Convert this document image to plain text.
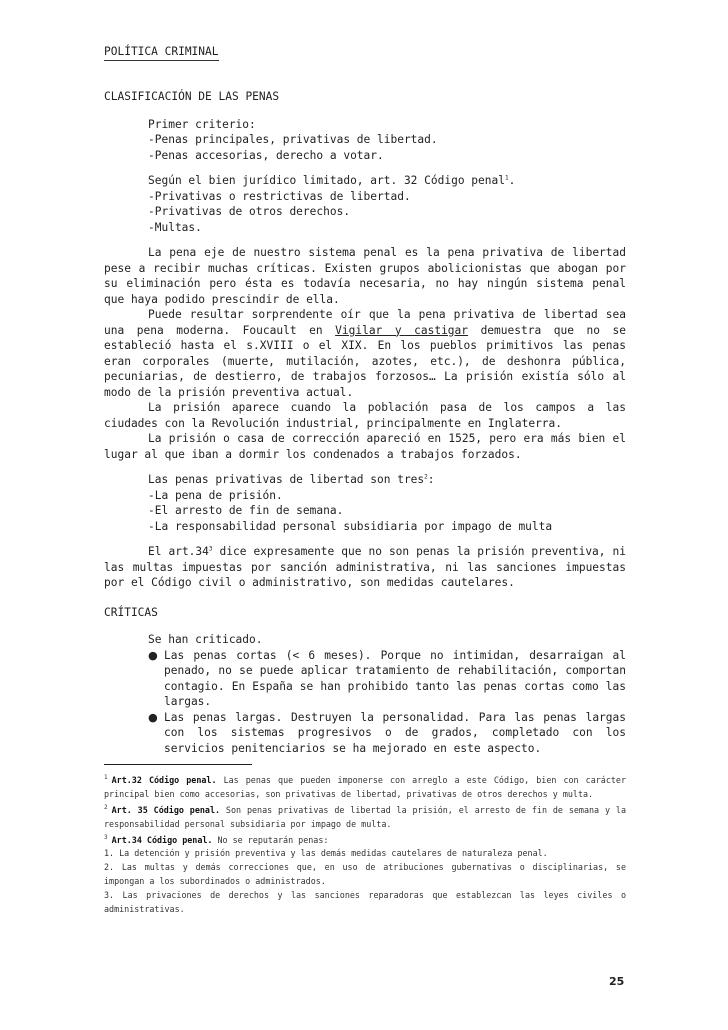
POLÍTICA CRIMINAL

CLASIFICACIÓN DE LAS PENAS

Primer criterio:

-Penas principales, privativas de libertad.

-Penas accesorias, derecho a votar.

Según el bien jurídico limitado, art. 32 Código penal$^1$.

-Privativas o restrictivas de libertad.

-Privativas de otros derechos.

-Multas.

La pena eje de nuestro sistema penal es la pena privativa de libertad pese a recibir muchas críticas. Existen grupos abolicionistas que abogan por su eliminación pero ésta es todavía necesaria, no hay ningún sistema penal que haya podido prescindir de ella.

Puede resultar sorprendente oír que la pena privativa de libertad sea una pena moderna. Foucault en Vigilar y castigar demuestra que no se estableció hasta el s.XVIII o el XIX. En los pueblos primitivos las penas eran corporales (muerte, mutilación, azotes, etc.), de deshonra pública, pecuniarias, de destierro, de trabajos forzosos… La prisión existía sólo al modo de la prisión preventiva actual.

La prisión aparece cuando la población pasa de los campos a las ciudades con la Revolución industrial, principalmente en Inglaterra.

La prisión o casa de corrección apareció en 1525, pero era más bien el lugar al que iban a dormir los condenados a trabajos forzados.

Las penas privativas de libertad son tres$^2$:

-La pena de prisión.

-El arresto de fin de semana.

-La responsabilidad personal subsidiaria por impago de multa

El $art.34^3$ dice expresamente que no son penas la prisión preventiva, ni las multas impuestas por sanción administrativa, ni las sanciones impuestas por el Código civil o administrativo, son medidas cautelares.

CRÍTICAS

Se han criticado.

● Las penas cortas (< 6 meses). Porque no intimidan, desarraigan al penado, no se puede aplicar tratamiento de rehabilitación, comportan contagio. En España se han prohibido tanto las penas cortas como las largas.

● Las penas largas. Destruyen la personalidad. Para las penas largas con los sistemas progresivos o de grados, completado con los servicios penitenciarios se ha mejorado en este aspecto.

$^1$ Art.32 Código penal. Las penas que pueden imponerse con arreglo a este Código, bien con carácter principal bien como accesorias, son privativas de libertad, privativas de otros derechos y multa.

$^2$ Art. 35 Código penal. Son penas privativas de libertad la prisión, el arresto de fin de semana y la responsabilidad personal subsidiaria por impago de multa.

$^3$ Art.34 Código penal. No se reputarán penas:

1. La detención y prisión preventiva y las demás medidas cautelares de naturaleza penal.

2. Las multas y demás correcciones que, en uso de atribuciones gubernativas o disciplinarias, se impongan a los subordinados o administrados.

3. Las privaciones de derechos y las sanciones reparadoras que establezcan las leyes civiles o administrativas.

25
